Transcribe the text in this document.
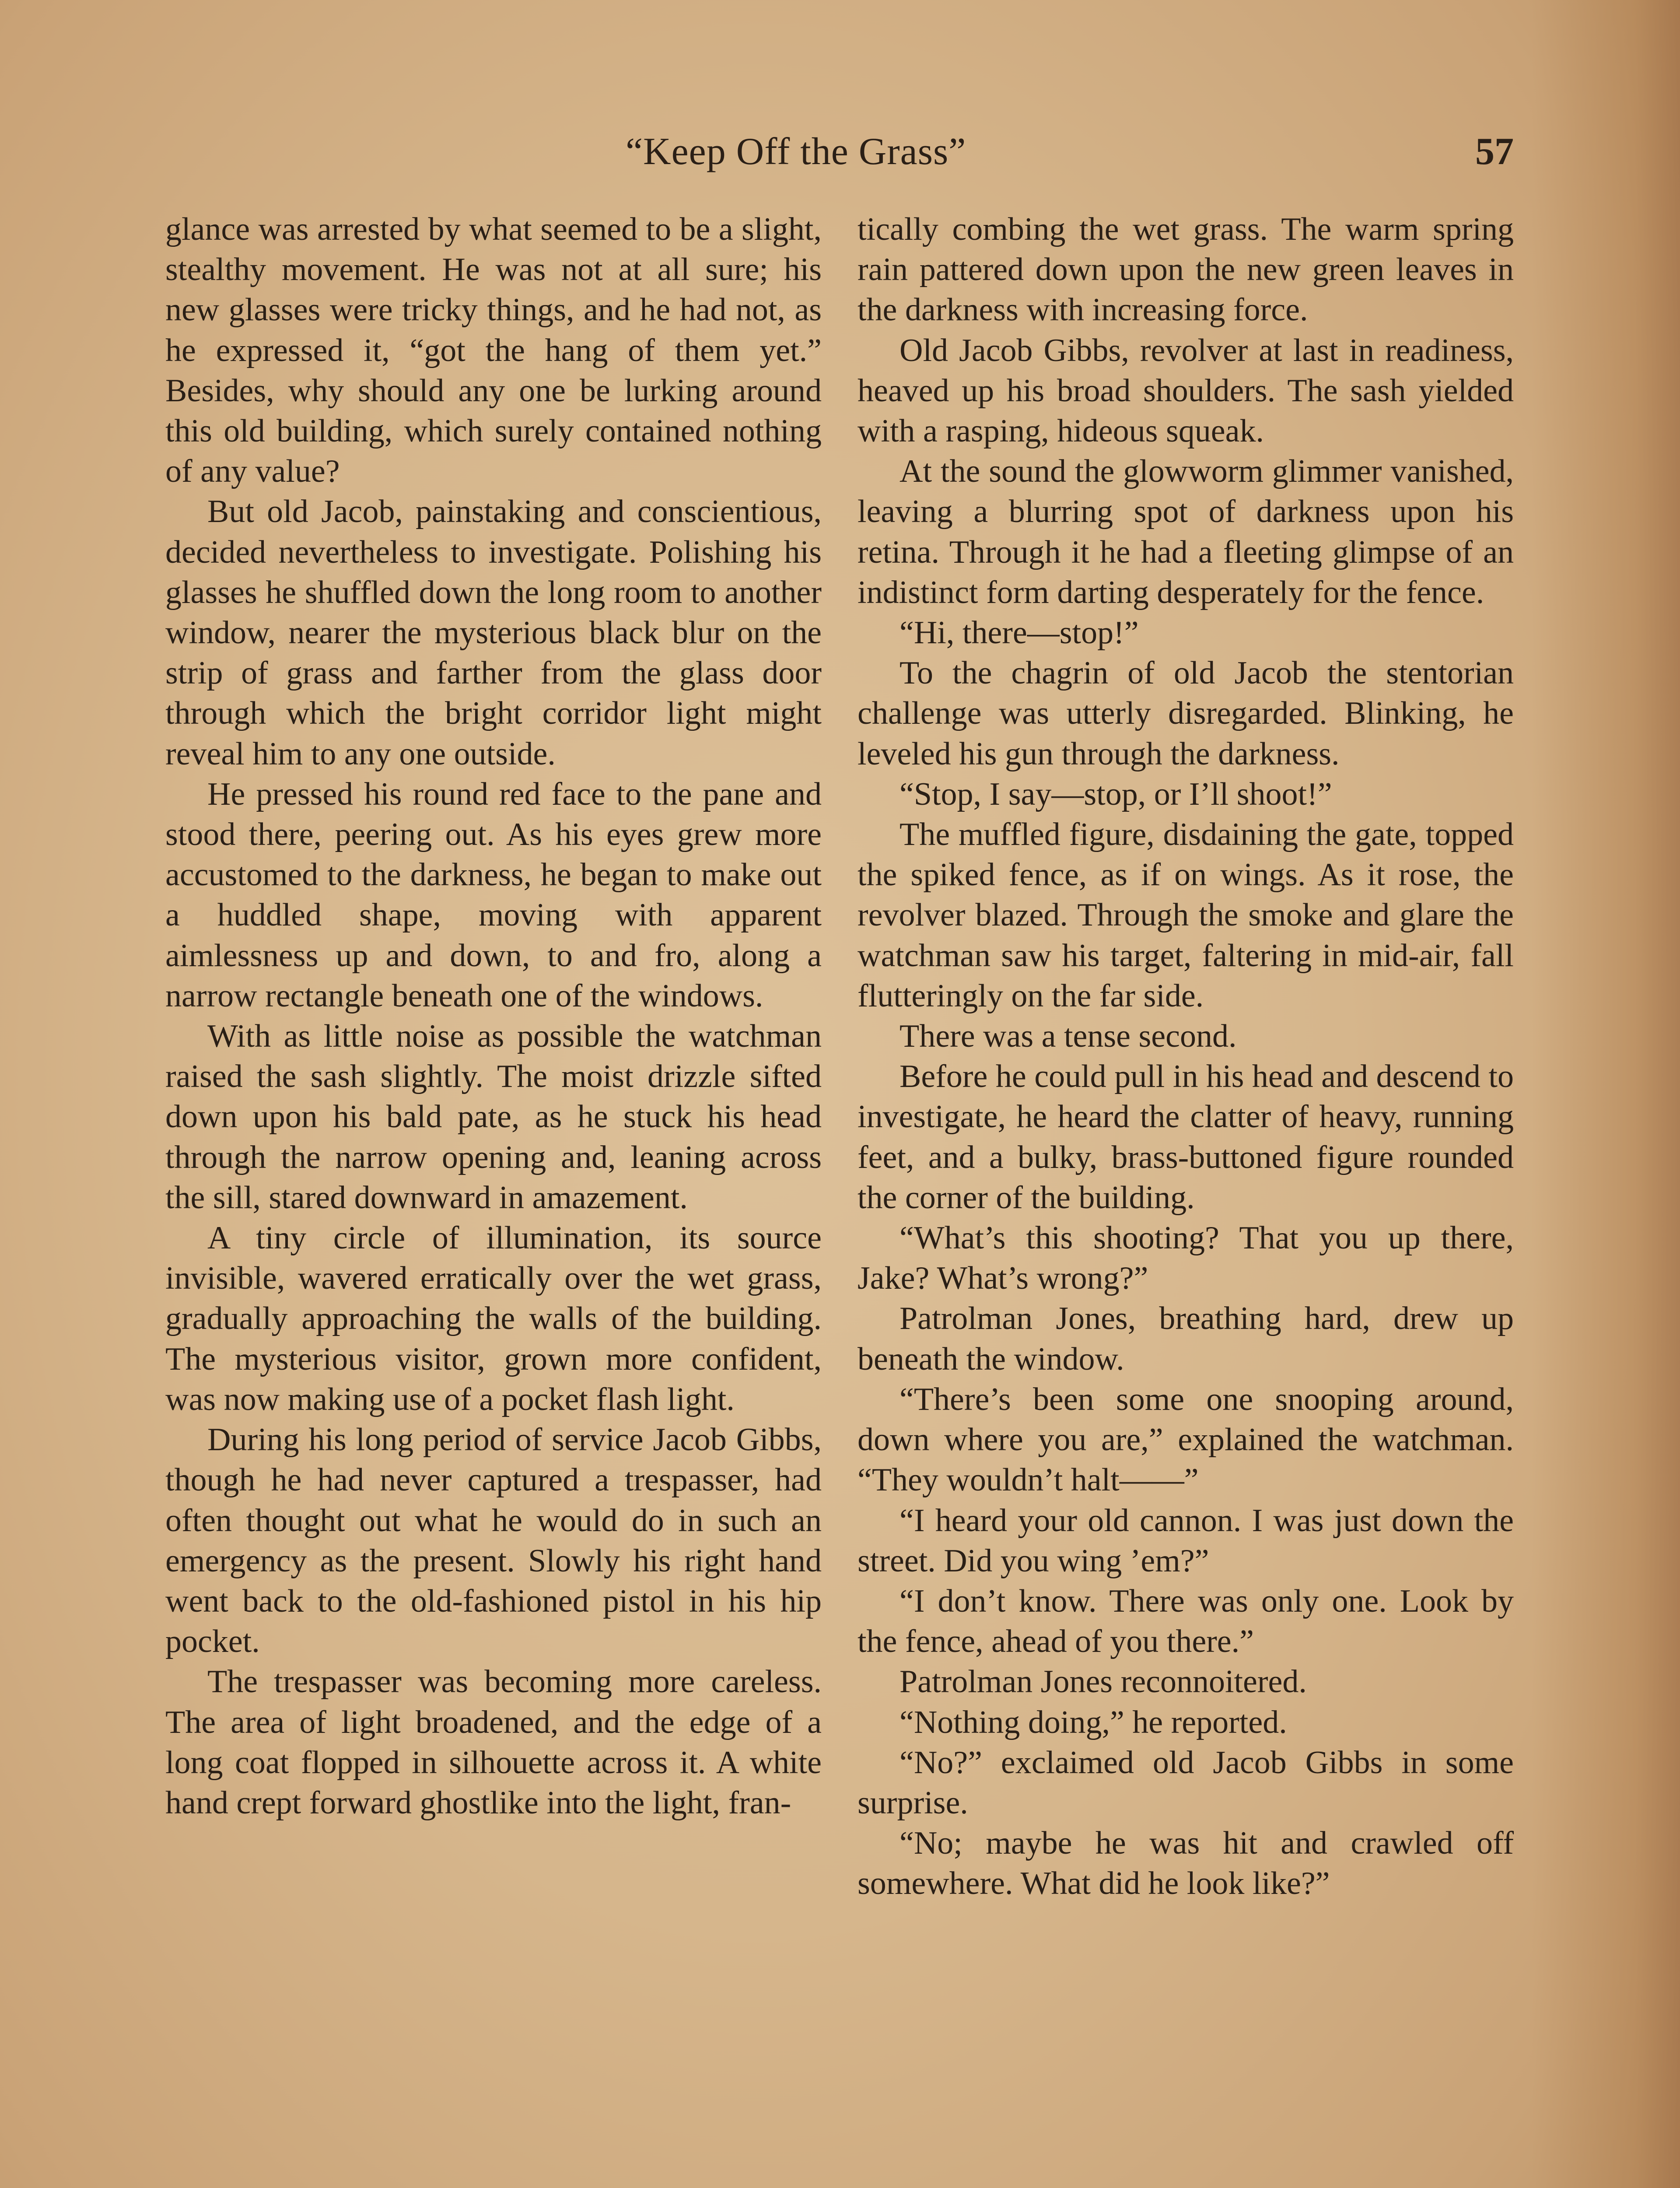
“Keep Off the Grass”	57

glance was arrested by what seemed to be a slight, stealthy movement. He was not at all sure; his new glasses were tricky things, and he had not, as he expressed it, “got the hang of them yet.” Besides, why should any one be lurking around this old building, which surely contained nothing of any value?

But old Jacob, painstaking and conscientious, decided nevertheless to investigate. Polishing his glasses he shuffled down the long room to another window, nearer the mysterious black blur on the strip of grass and farther from the glass door through which the bright corridor light might reveal him to any one outside.

He pressed his round red face to the pane and stood there, peering out. As his eyes grew more accustomed to the darkness, he began to make out a huddled shape, moving with apparent aimlessness up and down, to and fro, along a narrow rectangle beneath one of the windows.

With as little noise as possible the watchman raised the sash slightly. The moist drizzle sifted down upon his bald pate, as he stuck his head through the narrow opening and, leaning across the sill, stared downward in amazement.

A tiny circle of illumination, its source invisible, wavered erratically over the wet grass, gradually approaching the walls of the building. The mysterious visitor, grown more confident, was now making use of a pocket flash light.

During his long period of service Jacob Gibbs, though he had never captured a trespasser, had often thought out what he would do in such an emergency as the present. Slowly his right hand went back to the old-fashioned pistol in his hip pocket.

The trespasser was becoming more careless. The area of light broadened, and the edge of a long coat flopped in silhouette across it. A white hand crept forward ghostlike into the light, fran-

tically combing the wet grass. The warm spring rain pattered down upon the new green leaves in the darkness with increasing force.

Old Jacob Gibbs, revolver at last in readiness, heaved up his broad shoulders. The sash yielded with a rasping, hideous squeak.

At the sound the glowworm glimmer vanished, leaving a blurring spot of darkness upon his retina. Through it he had a fleeting glimpse of an indistinct form darting desperately for the fence.

“Hi, there—stop!”

To the chagrin of old Jacob the stentorian challenge was utterly disregarded. Blinking, he leveled his gun through the darkness.

“Stop, I say—stop, or I’ll shoot!”

The muffled figure, disdaining the gate, topped the spiked fence, as if on wings. As it rose, the revolver blazed. Through the smoke and glare the watchman saw his target, faltering in mid-air, fall flutteringly on the far side.

There was a tense second.

Before he could pull in his head and descend to investigate, he heard the clatter of heavy, running feet, and a bulky, brass-buttoned figure rounded the corner of the building.

“What’s this shooting? That you up there, Jake? What’s wrong?”

Patrolman Jones, breathing hard, drew up beneath the window.

“There’s been some one snooping around, down where you are,” explained the watchman. “They wouldn’t halt——”

“I heard your old cannon. I was just down the street. Did you wing ’em?”

“I don’t know. There was only one. Look by the fence, ahead of you there.”

Patrolman Jones reconnoitered.

“Nothing doing,” he reported.

“No?” exclaimed old Jacob Gibbs in some surprise.

“No; maybe he was hit and crawled off somewhere. What did he look like?”
